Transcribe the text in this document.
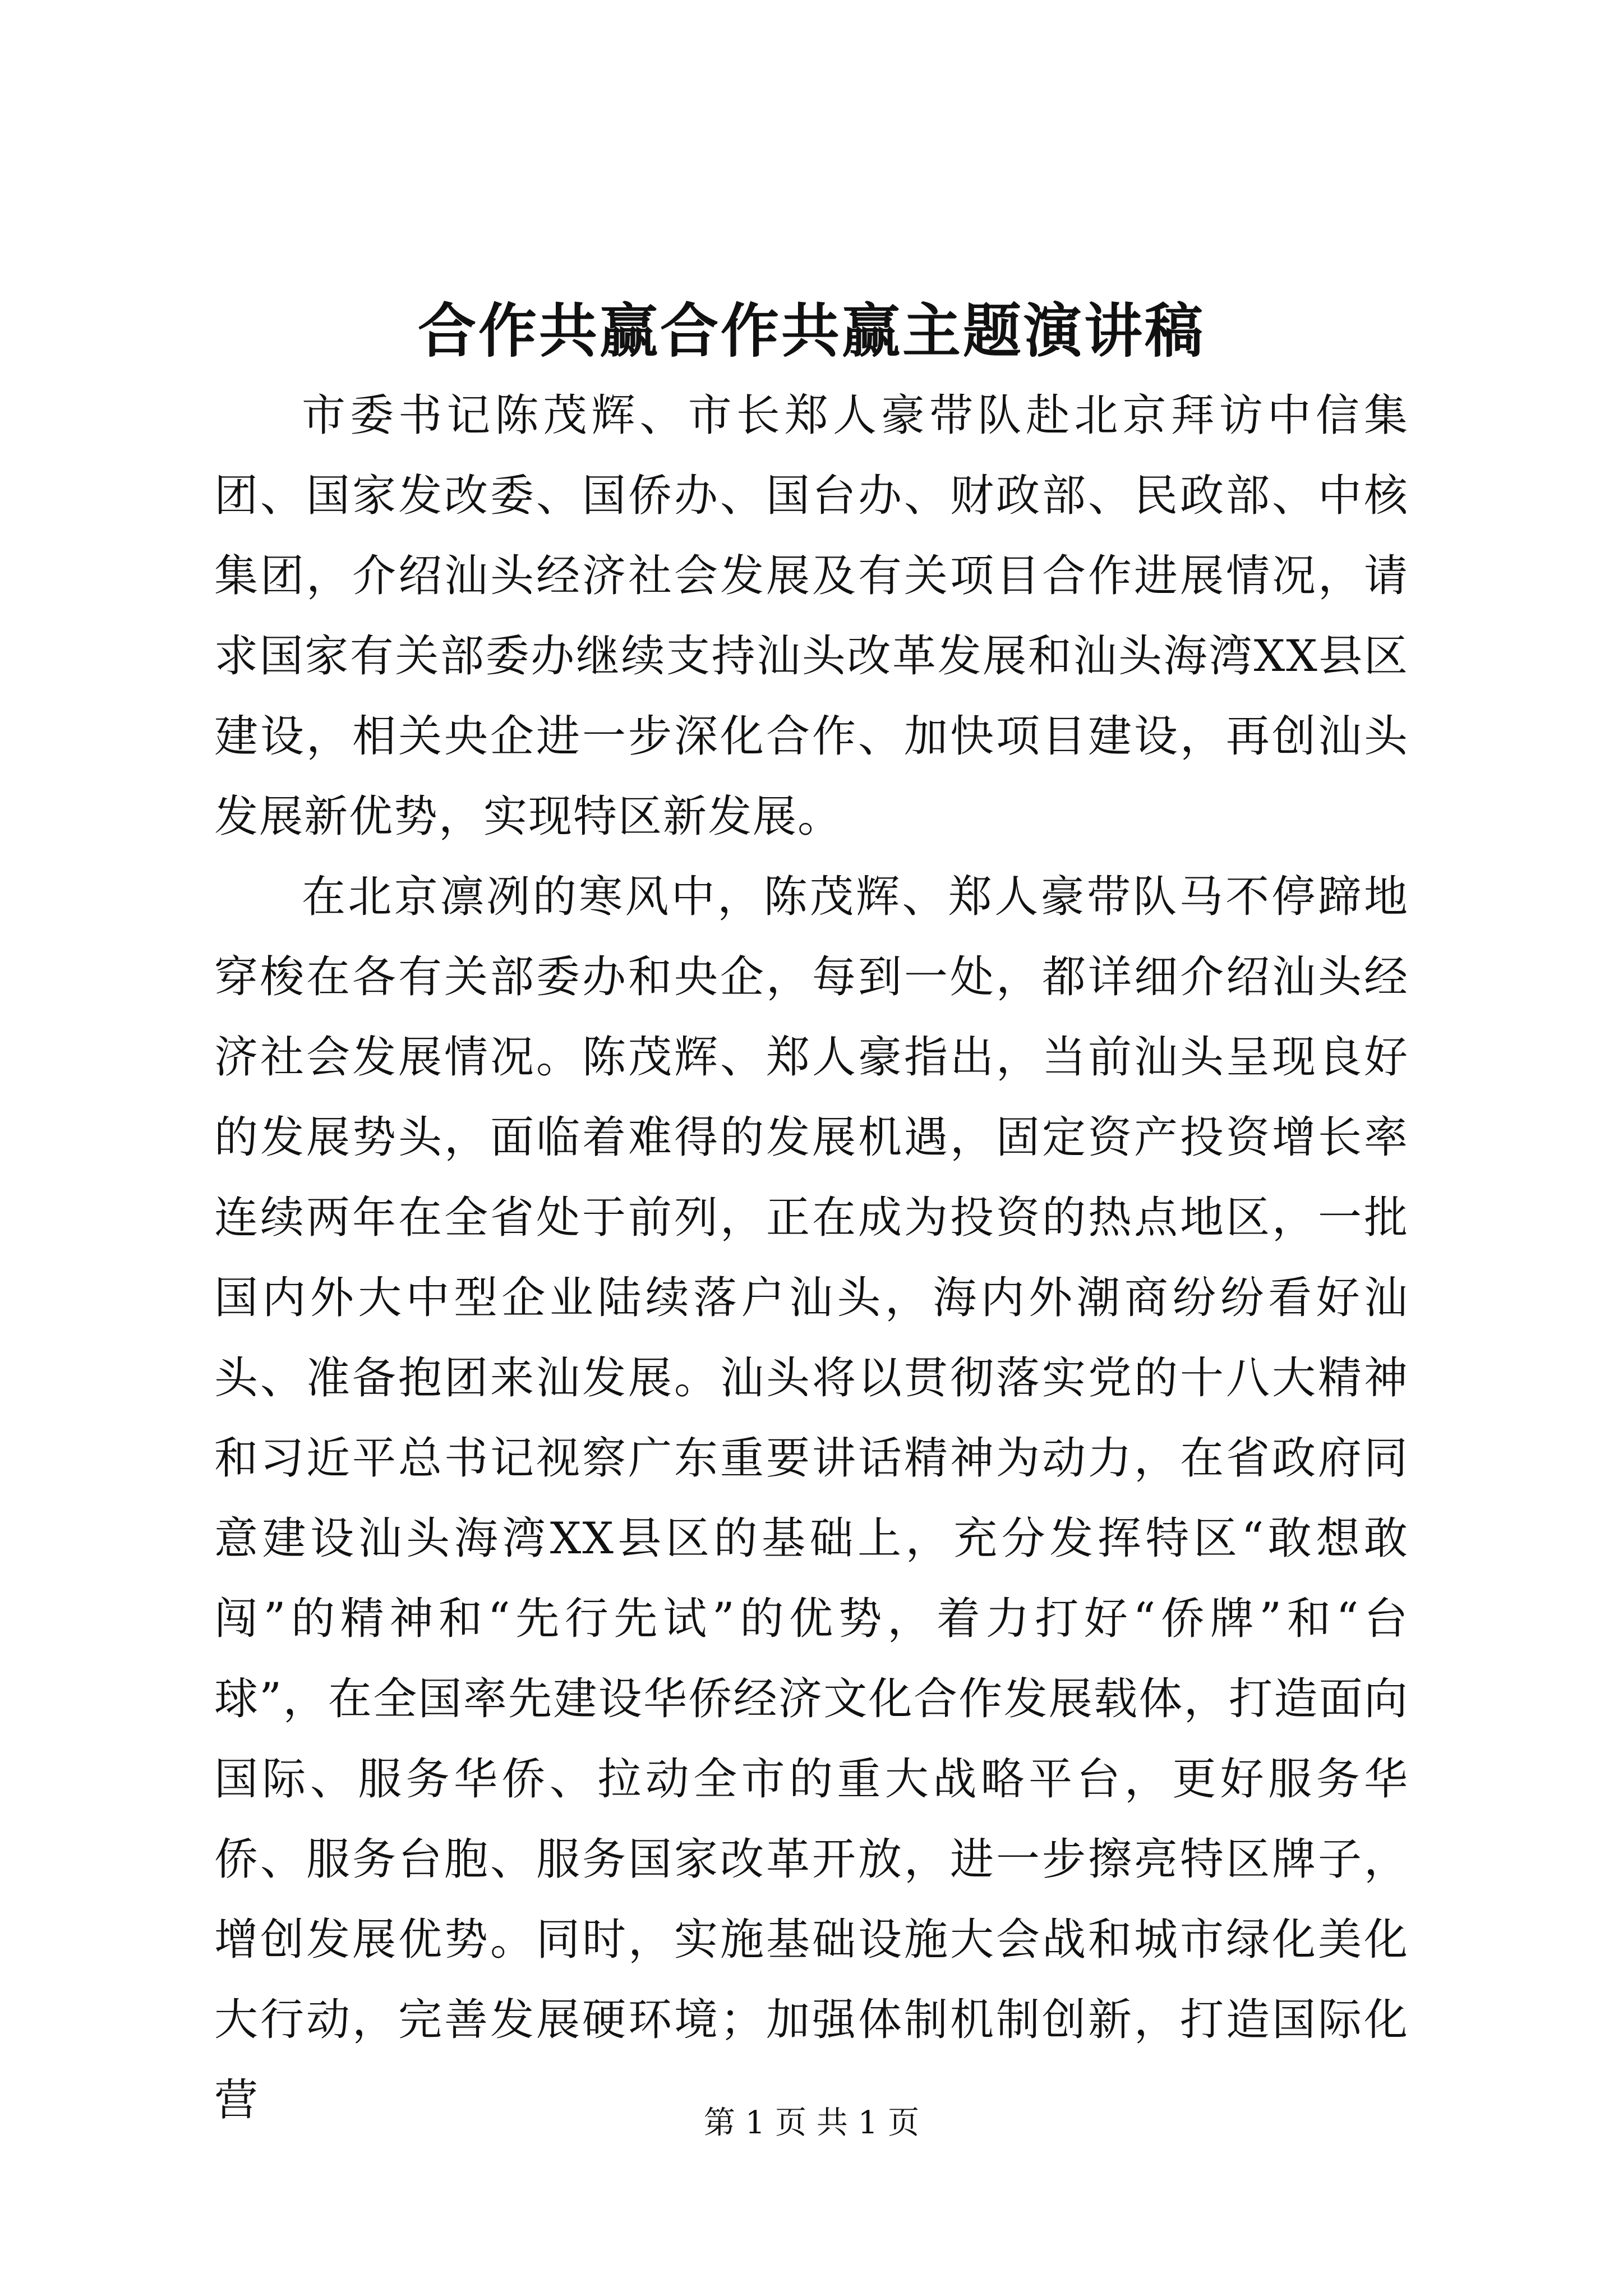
合作共赢合作共赢主题演讲稿

市委书记陈茂辉、市长郑人豪带队赴北京拜访中信集团、国家发改委、国侨办、国台办、财政部、民政部、中核集团，介绍汕头经济社会发展及有关项目合作进展情况，请求国家有关部委办继续支持汕头改革发展和汕头海湾XX县区建设，相关央企进一步深化合作、加快项目建设，再创汕头发展新优势，实现特区新发展。

在北京凛冽的寒风中，陈茂辉、郑人豪带队马不停蹄地穿梭在各有关部委办和央企，每到一处，都详细介绍汕头经济社会发展情况。陈茂辉、郑人豪指出，当前汕头呈现良好的发展势头，面临着难得的发展机遇，固定资产投资增长率连续两年在全省处于前列，正在成为投资的热点地区，一批国内外大中型企业陆续落户汕头，海内外潮商纷纷看好汕头、准备抱团来汕发展。汕头将以贯彻落实党的十八大精神和习近平总书记视察广东重要讲话精神为动力，在省政府同意建设汕头海湾XX县区的基础上，充分发挥特区“敢想敢闯”的精神和“先行先试”的优势，着力打好“侨牌”和“台球”，在全国率先建设华侨经济文化合作发展载体，打造面向国际、服务华侨、拉动全市的重大战略平台，更好服务华侨、服务台胞、服务国家改革开放，进一步擦亮特区牌子，增创发展优势。同时，实施基础设施大会战和城市绿化美化大行动，完善发展硬环境；加强体制机制创新，打造国际化营	第 1 页 共 1 页
